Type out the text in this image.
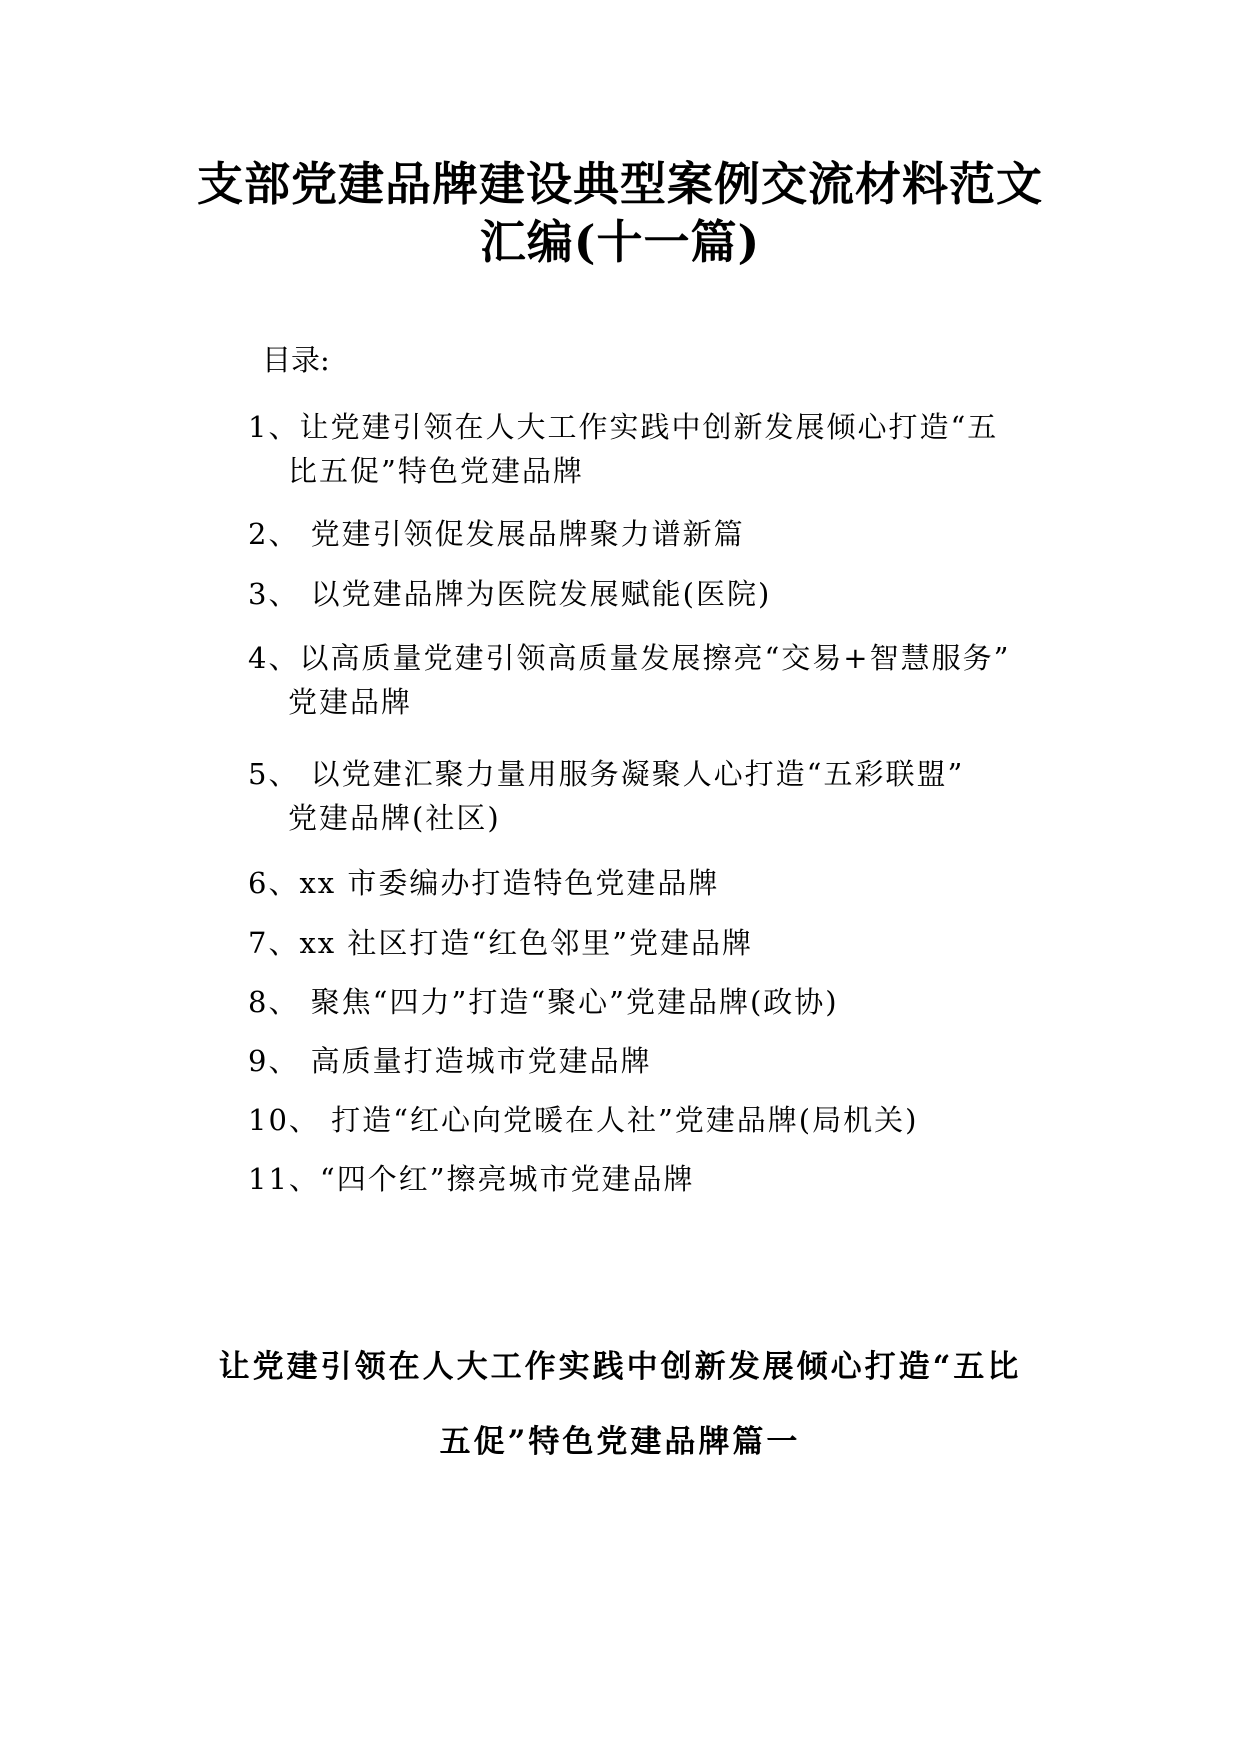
支部党建品牌建设典型案例交流材料范文
汇编(十一篇)
目录:
1、让党建引领在人大工作实践中创新发展倾心打造“五
比五促”特色党建品牌
2、 党建引领促发展品牌聚力谱新篇
3、 以党建品牌为医院发展赋能(医院)
4、以高质量党建引领高质量发展擦亮“交易+智慧服务”
党建品牌
5、 以党建汇聚力量用服务凝聚人心打造“五彩联盟”
党建品牌(社区)
6、xx 市委编办打造特色党建品牌
7、xx 社区打造“红色邻里”党建品牌
8、 聚焦“四力”打造“聚心”党建品牌(政协)
9、 高质量打造城市党建品牌
10、 打造“红心向党暖在人社”党建品牌(局机关)
11、“四个红”擦亮城市党建品牌
让党建引领在人大工作实践中创新发展倾心打造“五比
五促”特色党建品牌篇一
